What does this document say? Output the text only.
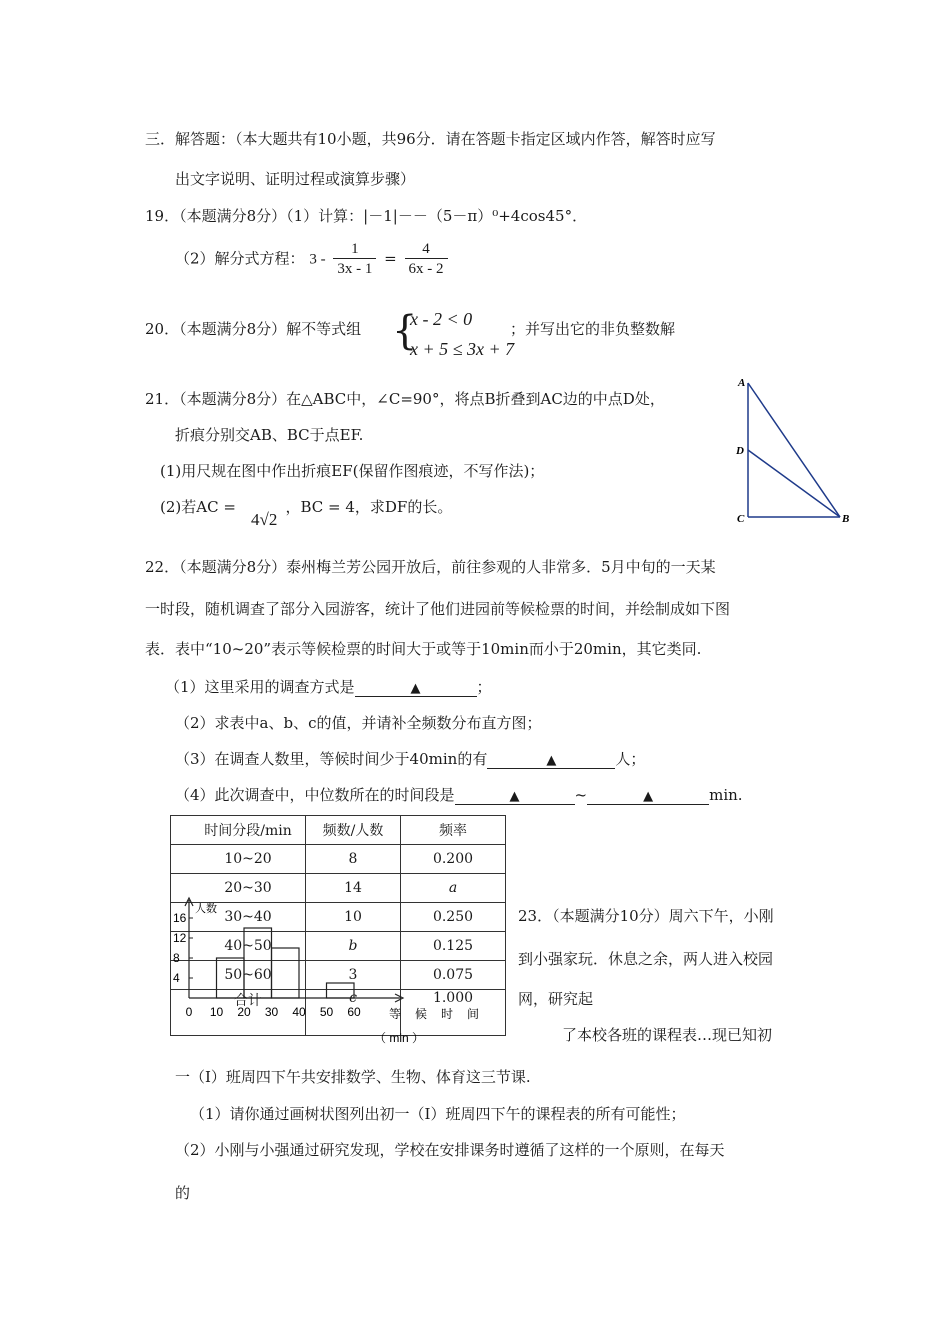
三．解答题：（本大题共有10小题，共96分．请在答题卡指定区域内作答，解答时应写
出文字说明、证明过程或演算步骤）
19．（本题满分8分）（1）计算：|－1|－－（5－π）⁰+4cos45°．
（2）解分式方程： $3 - \frac{1}{3x - 1} = \frac{4}{6x - 2}$
20．（本题满分8分）解不等式组 {
x - 2 < 0
x + 5 ≤ 3x + 7
；并写出它的非负整数解
21．（本题满分8分）在△ABC中，∠C=90°，将点B折叠到AC边的中点D处，
折痕分别交AB、BC于点EF.
(1)用尺规在图中作出折痕EF(保留作图痕迹，不写作法)；
(2)若AC =	，BC = 4，求DF的长。
4√2
A
D
C	B
22．（本题满分8分）泰州梅兰芳公园开放后，前往参观的人非常多．5月中旬的一天某
一时段，随机调查了部分入园游客，统计了他们进园前等候检票的时间，并绘制成如下图
表．表中“10~20”表示等候检票的时间大于或等于10min而小于20min，其它类同.
（1）这里采用的调查方式是	▲	；
（2）求表中a、b、c的值，并请补全频数分布直方图；
（3）在调查人数里，等候时间少于40min的有	▲	人；
（4）此次调查中，中位数所在的时间段是	▲	~	▲	min.
	时间分段/min	频数/人数	频率
	10~20	8	0.200
	20~30	14	a
	30~40	10	0.250
	40~50	b	0.125
	50~60	3	0.075
	合计	c	1.000
人数
4
8
12
16
0 10 20 30 40 50 60 等候时间
（ min ）
23．（本题满分10分）周六下午，小刚
到小强家玩．休息之余，两人进入校园
网，研究起
了本校各班的课程表…现已知初
一（I）班周四下午共安排数学、生物、体育这三节课.
（1）请你通过画树状图列出初一（I）班周四下午的课程表的所有可能性；
（2）小刚与小强通过研究发现，学校在安排课务时遵循了这样的一个原则，在每天
的
